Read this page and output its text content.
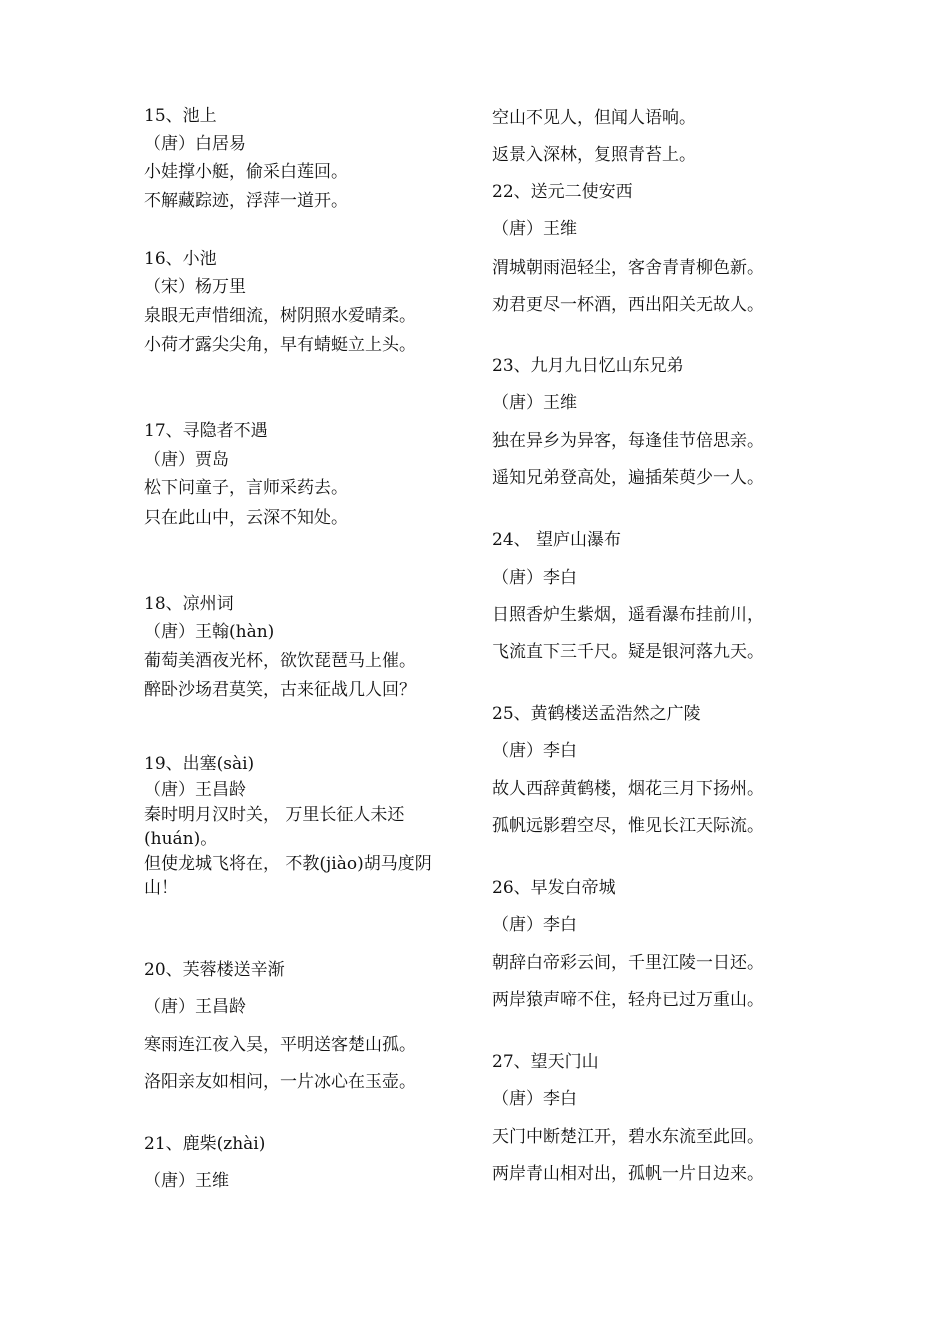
15、池上
（唐）白居易
小娃撑小艇，偷采白莲回。
不解藏踪迹，浮萍一道开。
16、小池
（宋）杨万里
泉眼无声惜细流，树阴照水爱晴柔。
小荷才露尖尖角，早有蜻蜓立上头。
17、寻隐者不遇
（唐）贾岛
松下问童子，言师采药去。
只在此山中，云深不知处。
18、凉州词
（唐）王翰(hàn)
葡萄美酒夜光杯，欲饮琵琶马上催。
醉卧沙场君莫笑，古来征战几人回？
19、出塞(sài)
（唐）王昌龄
秦时明月汉时关， 万里长征人未还(huán)。
但使龙城飞将在， 不教(jiào)胡马度阴山！
20、芙蓉楼送辛渐
（唐）王昌龄
寒雨连江夜入吴，平明送客楚山孤。
洛阳亲友如相问，一片冰心在玉壶。
21、鹿柴(zhài)
（唐）王维
空山不见人，但闻人语响。
返景入深林，复照青苔上。
22、送元二使安西
（唐）王维
渭城朝雨浥轻尘，客舍青青柳色新。
劝君更尽一杯酒，西出阳关无故人。
23、九月九日忆山东兄弟
（唐）王维
独在异乡为异客，每逢佳节倍思亲。
遥知兄弟登高处，遍插茱萸少一人。
24、 望庐山瀑布
（唐）李白
日照香炉生紫烟，遥看瀑布挂前川，
飞流直下三千尺。疑是银河落九天。
25、黄鹤楼送孟浩然之广陵
（唐）李白
故人西辞黄鹤楼，烟花三月下扬州。
孤帆远影碧空尽，惟见长江天际流。
26、早发白帝城
（唐）李白
朝辞白帝彩云间，千里江陵一日还。
两岸猿声啼不住，轻舟已过万重山。
27、望天门山
（唐）李白
天门中断楚江开，碧水东流至此回。
两岸青山相对出，孤帆一片日边来。
